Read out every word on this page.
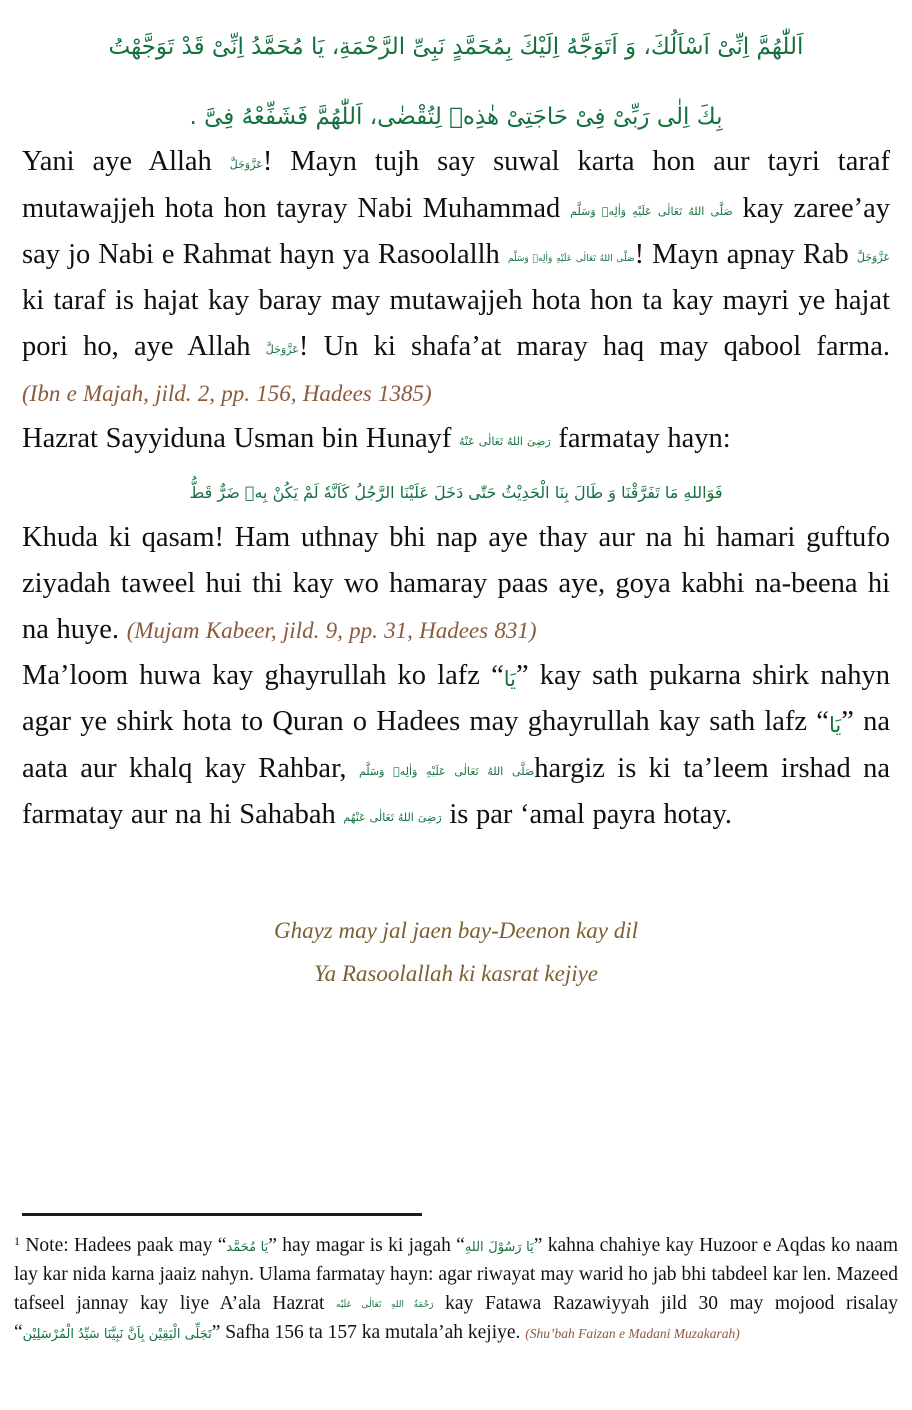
اَللّٰهُمَّ اِنِّىْ اَسْاَلُكَ، وَ اَتَوَجَّهُ اِلَيْكَ بِمُحَمَّدٍ نَبِىِّ الرَّحْمَةِ، يَا مُحَمَّدُ اِنِّىْ قَدْ تَوَجَّهْتُ
بِكَ اِلٰى رَبِّىْ فِىْ حَاجَتِىْ هٰذِهٖ لِتُقْضٰى، اَللّٰهُمَّ فَشَفِّعْهُ فِىَّ .

Yani aye Allah عَزَّوَجَلَّ! Mayn tujh say suwal karta hon aur tayri taraf mutawajjeh hota hon tayray Nabi Muhammad صَلَّى اللهُ تَعَالٰى عَلَيْهِ وَاٰلِهٖ وَسَلَّم kay zaree’ay say jo Nabi e Rahmat hayn ya Rasoolallh صَلَّى اللهُ تَعَالٰى عَلَيْهِ وَاٰلِهٖ وَسَلَّم! Mayn apnay Rab عَزَّوَجَلَّ ki taraf is hajat kay baray may mutawajjeh hota hon ta kay mayri ye hajat pori ho, aye Allah عَزَّوَجَلَّ! Un ki shafa’at maray haq may qabool farma. (Ibn e Majah, jild. 2, pp. 156, Hadees 1385)

Hazrat Sayyiduna Usman bin Hunayf رَضِىَ اللهُ تَعَالٰى عَنْهُ farmatay hayn:

فَوَاللهِ مَا تَفَرَّقْنَا وَ طَالَ بِنَا الْحَدِيْثُ حَتّٰى دَخَلَ عَلَيْنَا الرَّجُلُ كَاَنَّهٗ لَمْ يَكُنْ بِهٖ ضَرٌّ قَطُّ

Khuda ki qasam! Ham uthnay bhi nap aye thay aur na hi hamari guftufo ziyadah taweel hui thi kay wo hamaray paas aye, goya kabhi na-beena hi na huye. (Mujam Kabeer, jild. 9, pp. 31, Hadees 831)

Ma’loom huwa kay ghayrullah ko lafz “يَا” kay sath pukarna shirk nahyn agar ye shirk hota to Quran o Hadees may ghayrullah kay sath lafz “يَا” na aata aur khalq kay Rahbar, صَلَّى اللهُ تَعَالٰى عَلَيْهِ وَاٰلِهٖ وَسَلَّمhargiz is ki ta’leem irshad na farmatay aur na hi Sahabah رَضِىَ اللهُ تَعَالٰى عَنْهُم is par ‘amal payra hotay.

Ghayz may jal jaen bay-Deenon kay dil
Ya Rasoolallah ki kasrat kejiye
$^1$ Note: Hadees paak may “يَا مُحَمَّد” hay magar is ki jagah “يَا رَسُوْلَ اللهِ” kahna chahiye kay Huzoor e Aqdas ko naam lay kar nida karna jaaiz nahyn. Ulama farmatay hayn: agar riwayat may warid ho jab bhi tabdeel kar len. Mazeed tafseel jannay kay liye A’ala Hazrat رَحْمَةُ اللهِ تَعَالٰى عَلَيْه kay Fatawa Razawiyyah jild 30 may mojood risalay “تَجَلِّى الْيَقِيْن بِاَنَّ نَبِيَّنَا سَيِّدُ الْمُرْسَلِيْن” Safha 156 ta 157 ka mutala’ah kejiye. (Shu’bah Faizan e Madani Muzakarah)
